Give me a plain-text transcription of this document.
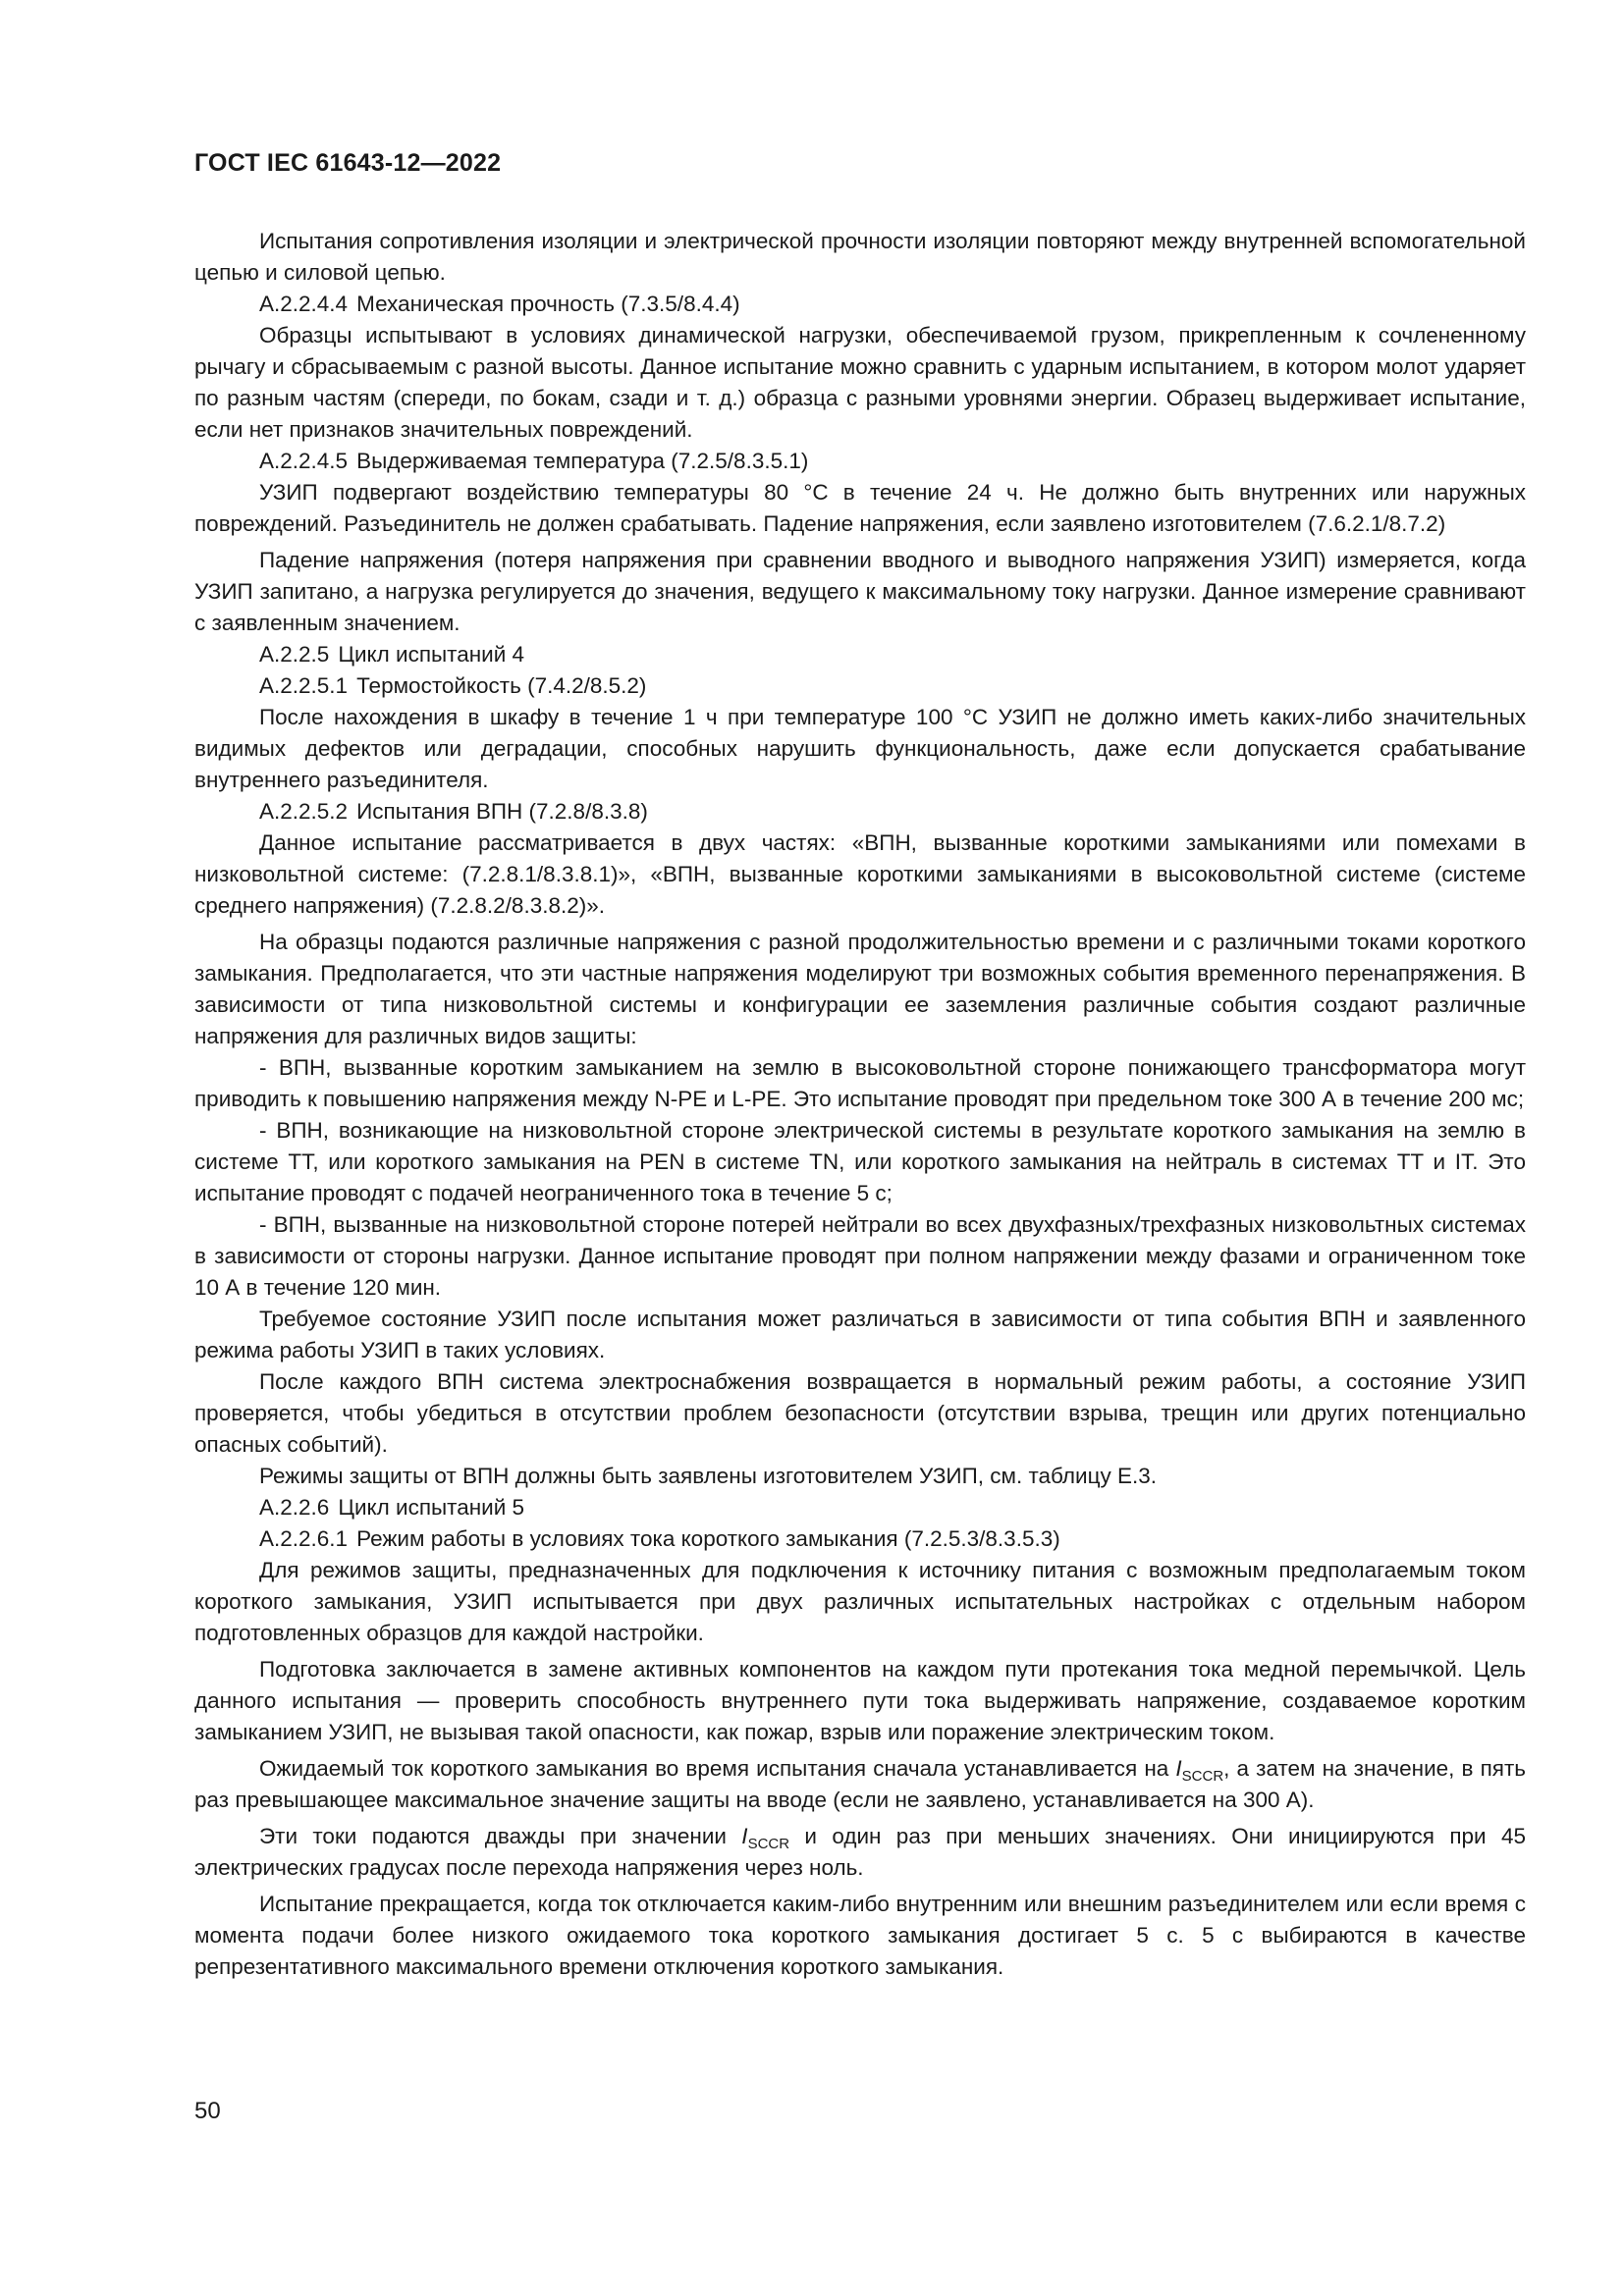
ГОСТ IEC 61643-12—2022

Испытания сопротивления изоляции и электрической прочности изоляции повторяют между внутренней вспомогательной цепью и силовой цепью.

А.2.2.4.4 Механическая прочность (7.3.5/8.4.4)

Образцы испытывают в условиях динамической нагрузки, обеспечиваемой грузом, прикрепленным к сочлененному рычагу и сбрасываемым с разной высоты. Данное испытание можно сравнить с ударным испытанием, в котором молот ударяет по разным частям (спереди, по бокам, сзади и т. д.) образца с разными уровнями энергии. Образец выдерживает испытание, если нет признаков значительных повреждений.

А.2.2.4.5 Выдерживаемая температура (7.2.5/8.3.5.1)

УЗИП подвергают воздействию температуры 80 °С в течение 24 ч. Не должно быть внутренних или наружных повреждений. Разъединитель не должен срабатывать. Падение напряжения, если заявлено изготовителем (7.6.2.1/8.7.2)

Падение напряжения (потеря напряжения при сравнении вводного и выводного напряжения УЗИП) измеряется, когда УЗИП запитано, а нагрузка регулируется до значения, ведущего к максимальному току нагрузки. Данное измерение сравнивают с заявленным значением.

А.2.2.5 Цикл испытаний 4

А.2.2.5.1 Термостойкость (7.4.2/8.5.2)

После нахождения в шкафу в течение 1 ч при температуре 100 °С УЗИП не должно иметь каких-либо значительных видимых дефектов или деградации, способных нарушить функциональность, даже если допускается срабатывание внутреннего разъединителя.

А.2.2.5.2 Испытания ВПН (7.2.8/8.3.8)

Данное испытание рассматривается в двух частях: «ВПН, вызванные короткими замыканиями или помехами в низковольтной системе: (7.2.8.1/8.3.8.1)», «ВПН, вызванные короткими замыканиями в высоковольтной системе (системе среднего напряжения) (7.2.8.2/8.3.8.2)».

На образцы подаются различные напряжения с разной продолжительностью времени и с различными токами короткого замыкания. Предполагается, что эти частные напряжения моделируют три возможных события временного перенапряжения. В зависимости от типа низковольтной системы и конфигурации ее заземления различные события создают различные напряжения для различных видов защиты:

- ВПН, вызванные коротким замыканием на землю в высоковольтной стороне понижающего трансформатора могут приводить к повышению напряжения между N-PE и L-PE. Это испытание проводят при предельном токе 300 А в течение 200 мс;

- ВПН, возникающие на низковольтной стороне электрической системы в результате короткого замыкания на землю в системе TT, или короткого замыкания на PEN в системе TN, или короткого замыкания на нейтраль в системах TT и IT. Это испытание проводят с подачей неограниченного тока в течение 5 с;

- ВПН, вызванные на низковольтной стороне потерей нейтрали во всех двухфазных/трехфазных низковольтных системах в зависимости от стороны нагрузки. Данное испытание проводят при полном напряжении между фазами и ограниченном токе 10 А в течение 120 мин.

Требуемое состояние УЗИП после испытания может различаться в зависимости от типа события ВПН и заявленного режима работы УЗИП в таких условиях.

После каждого ВПН система электроснабжения возвращается в нормальный режим работы, а состояние УЗИП проверяется, чтобы убедиться в отсутствии проблем безопасности (отсутствии взрыва, трещин или других потенциально опасных событий).

Режимы защиты от ВПН должны быть заявлены изготовителем УЗИП, см. таблицу Е.3.

А.2.2.6 Цикл испытаний 5

А.2.2.6.1 Режим работы в условиях тока короткого замыкания (7.2.5.3/8.3.5.3)

Для режимов защиты, предназначенных для подключения к источнику питания с возможным предполагаемым током короткого замыкания, УЗИП испытывается при двух различных испытательных настройках с отдельным набором подготовленных образцов для каждой настройки.

Подготовка заключается в замене активных компонентов на каждом пути протекания тока медной перемычкой. Цель данного испытания — проверить способность внутреннего пути тока выдерживать напряжение, создаваемое коротким замыканием УЗИП, не вызывая такой опасности, как пожар, взрыв или поражение электрическим током.

Ожидаемый ток короткого замыкания во время испытания сначала устанавливается на $I_{SCCR}$, а затем на значение, в пять раз превышающее максимальное значение защиты на вводе (если не заявлено, устанавливается на 300 А).

Эти токи подаются дважды при значении $I_{SCCR}$ и один раз при меньших значениях. Они инициируются при 45 электрических градусах после перехода напряжения через ноль.

Испытание прекращается, когда ток отключается каким-либо внутренним или внешним разъединителем или если время с момента подачи более низкого ожидаемого тока короткого замыкания достигает 5 с. 5 с выбираются в качестве репрезентативного максимального времени отключения короткого замыкания.

50
